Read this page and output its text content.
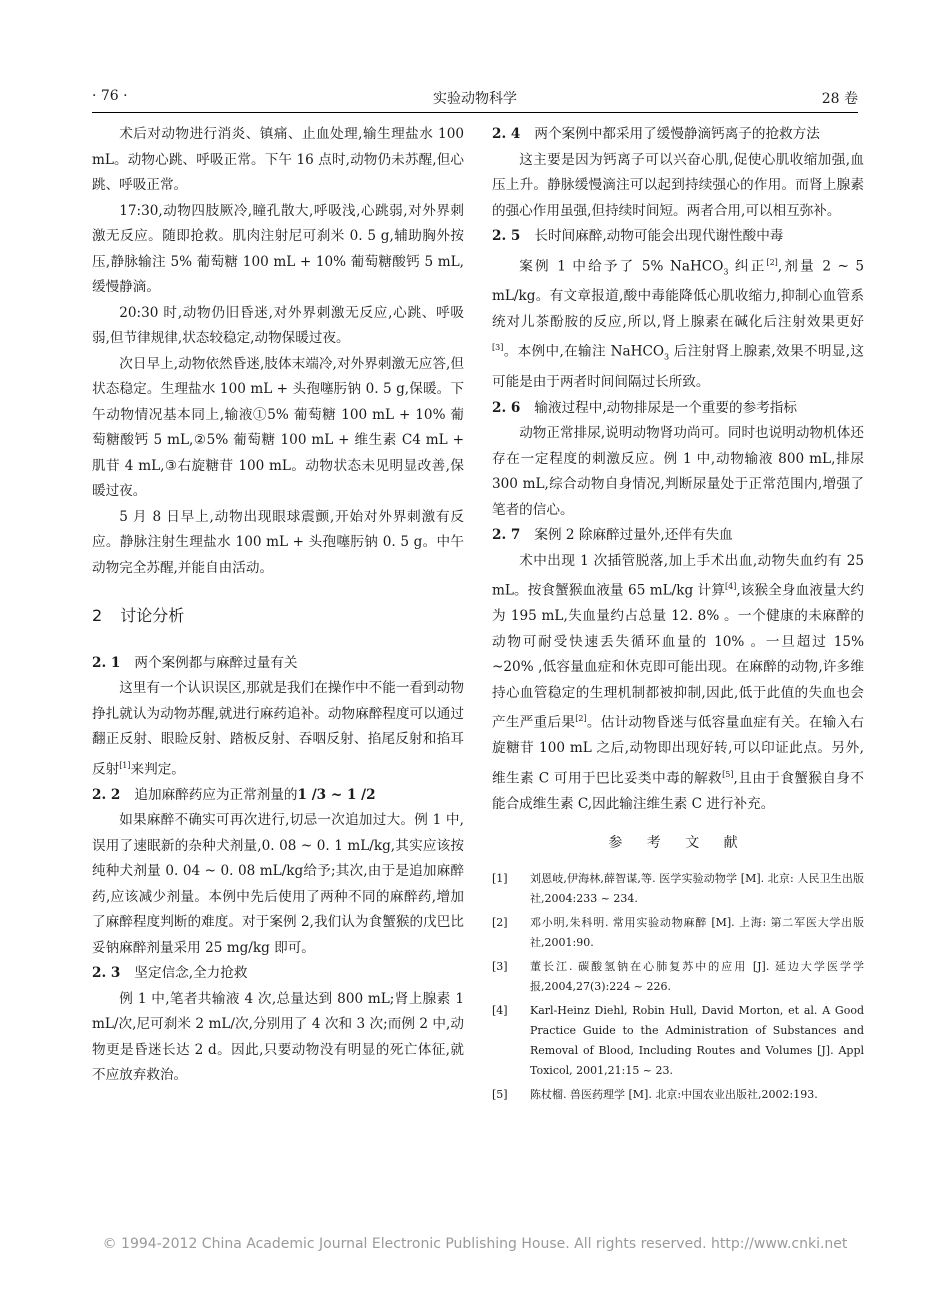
· 76 ·	实验动物科学	28 卷

术后对动物进行消炎、镇痛、止血处理,输生理盐水 100 mL。动物心跳、呼吸正常。下午 16 点时,动物仍未苏醒,但心跳、呼吸正常。

17:30,动物四肢厥冷,瞳孔散大,呼吸浅,心跳弱,对外界刺激无反应。随即抢救。肌肉注射尼可刹米 0. 5 g,辅助胸外按压,静脉输注 5% 葡萄糖 100 mL + 10% 葡萄糖酸钙 5 mL,缓慢静滴。

20:30 时,动物仍旧昏迷,对外界刺激无反应,心跳、呼吸弱,但节律规律,状态较稳定,动物保暖过夜。

次日早上,动物依然昏迷,肢体末端冷,对外界刺激无应答,但状态稳定。生理盐水 100 mL + 头孢噻肟钠 0. 5 g,保暖。下午动物情况基本同上,输液①5% 葡萄糖 100 mL + 10% 葡萄糖酸钙 5 mL,②5% 葡萄糖 100 mL + 维生素 C4 mL + 肌苷 4 mL,③右旋糖苷 100 mL。动物状态未见明显改善,保暖过夜。

5 月 8 日早上,动物出现眼球震颤,开始对外界刺激有反应。静脉注射生理盐水 100 mL + 头孢噻肟钠 0. 5 g。中午动物完全苏醒,并能自由活动。

2 讨论分析

2. 1 两个案例都与麻醉过量有关

这里有一个认识误区,那就是我们在操作中不能一看到动物挣扎就认为动物苏醒,就进行麻药追补。动物麻醉程度可以通过翻正反射、眼睑反射、踏板反射、吞咽反射、掐尾反射和掐耳反射[1]来判定。

2. 2 追加麻醉药应为正常剂量的1 /3 ~ 1 /2

如果麻醉不确实可再次进行,切忌一次追加过大。例 1 中,误用了速眠新的杂种犬剂量,0. 08 ~ 0. 1 mL/kg,其实应该按纯种犬剂量 0. 04 ~ 0. 08 mL/kg给予;其次,由于是追加麻醉药,应该减少剂量。本例中先后使用了两种不同的麻醉药,增加了麻醉程度判断的难度。对于案例 2,我们认为食蟹猴的戊巴比妥钠麻醉剂量采用 25 mg/kg 即可。

2. 3 坚定信念,全力抢救

例 1 中,笔者共输液 4 次,总量达到 800 mL;肾上腺素 1 mL/次,尼可刹米 2 mL/次,分别用了 4 次和 3 次;而例 2 中,动物更是昏迷长达 2 d。因此,只要动物没有明显的死亡体征,就不应放弃救治。

2. 4 两个案例中都采用了缓慢静滴钙离子的抢救方法

这主要是因为钙离子可以兴奋心肌,促使心肌收缩加强,血压上升。静脉缓慢滴注可以起到持续强心的作用。而肾上腺素的强心作用虽强,但持续时间短。两者合用,可以相互弥补。

2. 5 长时间麻醉,动物可能会出现代谢性酸中毒

案例 1 中给予了 5% NaHCO$_3$ 纠正[2],剂量 2 ~ 5 mL/kg。有文章报道,酸中毒能降低心肌收缩力,抑制心血管系统对儿茶酚胺的反应,所以,肾上腺素在碱化后注射效果更好[3]。本例中,在输注 NaHCO$_3$ 后注射肾上腺素,效果不明显,这可能是由于两者时间间隔过长所致。

2. 6 输液过程中,动物排尿是一个重要的参考指标

动物正常排尿,说明动物肾功尚可。同时也说明动物机体还存在一定程度的刺激反应。例 1 中,动物输液 800 mL,排尿 300 mL,综合动物自身情况,判断尿量处于正常范围内,增强了笔者的信心。

2. 7 案例 2 除麻醉过量外,还伴有失血

术中出现 1 次插管脱落,加上手术出血,动物失血约有 25 mL。按食蟹猴血液量 65 mL/kg 计算[4],该猴全身血液量大约为 195 mL,失血量约占总量 12. 8% 。一个健康的未麻醉的动物可耐受快速丢失循环血量的 10% 。一旦超过 15% ~20% ,低容量血症和休克即可能出现。在麻醉的动物,许多维持心血管稳定的生理机制都被抑制,因此,低于此值的失血也会产生严重后果[2]。估计动物昏迷与低容量血症有关。在输入右旋糖苷 100 mL 之后,动物即出现好转,可以印证此点。另外,维生素 C 可用于巴比妥类中毒的解救[5],且由于食蟹猴自身不能合成维生素 C,因此输注维生素 C 进行补充。

参 考 文 献
[1]	刘恩岐,伊海林,薛智谋,等. 医学实验动物学 [M]. 北京: 人民卫生出版社,2004:233 ~ 234.
[2]	邓小明,朱科明. 常用实验动物麻醉 [M]. 上海: 第二军医大学出版社,2001:90.
[3]	董长江. 碳酸氢钠在心肺复苏中的应用 [J]. 延边大学医学学报,2004,27(3):224 ~ 226.
[4]	Karl-Heinz Diehl, Robin Hull, David Morton, et al. A Good Practice Guide to the Administration of Substances and Removal of Blood, Including Routes and Volumes [J]. Appl Toxicol, 2001,21:15 ~ 23.
[5]	陈杖榴. 兽医药理学 [M]. 北京:中国农业出版社,2002:193.
© 1994-2012 China Academic Journal Electronic Publishing House. All rights reserved. http://www.cnki.net
